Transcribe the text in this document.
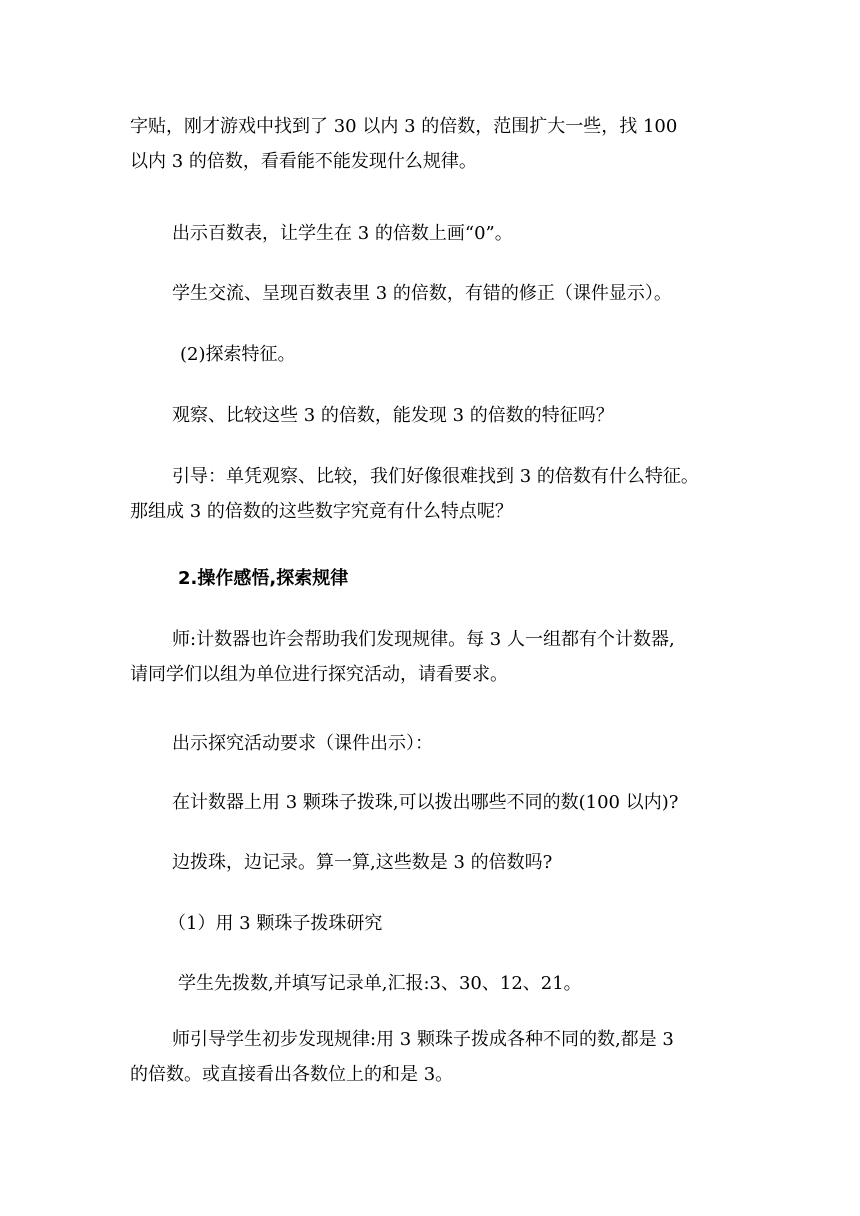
字贴，刚才游戏中找到了 30 以内 3 的倍数，范围扩大一些，找 100
以内 3 的倍数，看看能不能发现什么规律。

出示百数表，让学生在 3 的倍数上画“0”。

学生交流、呈现百数表里 3 的倍数，有错的修正（课件显示）。

(2)探索特征。

观察、比较这些 3 的倍数，能发现 3 的倍数的特征吗？

引导：单凭观察、比较，我们好像很难找到 3 的倍数有什么特征。
那组成 3 的倍数的这些数字究竟有什么特点呢？

2.操作感悟,探索规律

师:计数器也许会帮助我们发现规律。每 3 人一组都有个计数器,
请同学们以组为单位进行探究活动，请看要求。

出示探究活动要求（课件出示）：

在计数器上用 3 颗珠子拨珠,可以拨出哪些不同的数(100 以内)?

边拨珠，边记录。算一算,这些数是 3 的倍数吗?

（1）用 3 颗珠子拨珠研究

学生先拨数,并填写记录单,汇报:3、30、12、21。

师引导学生初步发现规律:用 3 颗珠子拨成各种不同的数,都是 3
的倍数。或直接看出各数位上的和是 3。
